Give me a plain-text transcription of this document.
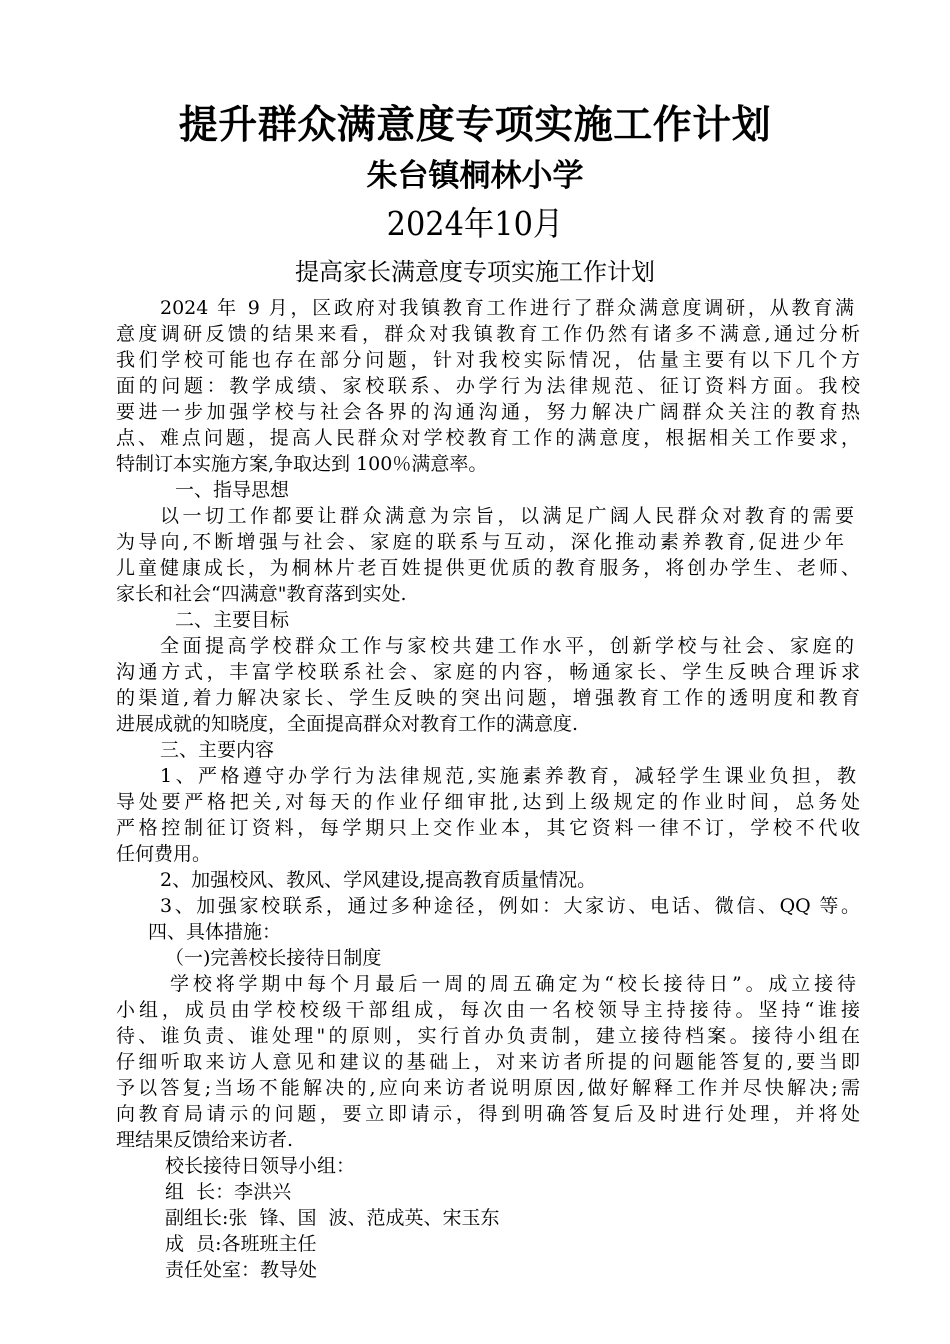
提升群众满意度专项实施工作计划
朱台镇桐林小学
2024年10月
提高家长满意度专项实施工作计划
2024 年 9 月，区政府对我镇教育工作进行了群众满意度调研，从教育满
意度调研反馈的结果来看，群众对我镇教育工作仍然有诸多不满意,通过分析
我们学校可能也存在部分问题，针对我校实际情况，估量主要有以下几个方
面的问题：教学成绩、家校联系、办学行为法律规范、征订资料方面。我校
要进一步加强学校与社会各界的沟通沟通，努力解决广阔群众关注的教育热
点、难点问题，提高人民群众对学校教育工作的满意度，根据相关工作要求，
特制订本实施方案,争取达到 100％满意率。
一、指导思想
以一切工作都要让群众满意为宗旨，以满足广阔人民群众对教育的需要
为导向,不断增强与社会、家庭的联系与互动，深化推动素养教育,促进少年
儿童健康成长，为桐林片老百姓提供更优质的教育服务，将创办学生、老师、
家长和社会“四满意"教育落到实处.
二、主要目标
全面提高学校群众工作与家校共建工作水平，创新学校与社会、家庭的
沟通方式，丰富学校联系社会、家庭的内容，畅通家长、学生反映合理诉求
的渠道,着力解决家长、学生反映的突出问题，增强教育工作的透明度和教育
进展成就的知晓度，全面提高群众对教育工作的满意度.
三、主要内容
1、严格遵守办学行为法律规范,实施素养教育，减轻学生课业负担，教
导处要严格把关,对每天的作业仔细审批,达到上级规定的作业时间，总务处
严格控制征订资料，每学期只上交作业本，其它资料一律不订，学校不代收
任何费用。
2、加强校风、教风、学风建设,提高教育质量情况。
3、加强家校联系，通过多种途径，例如：大家访、电话、微信、QQ 等。
四、具体措施：
（一)完善校长接待日制度
学校将学期中每个月最后一周的周五确定为“校长接待日”。成立接待
小组，成员由学校校级干部组成，每次由一名校领导主持接待。坚持“谁接
待、谁负责、谁处理"的原则，实行首办负责制，建立接待档案。接待小组在
仔细听取来访人意见和建议的基础上，对来访者所提的问题能答复的,要当即
予以答复;当场不能解决的,应向来访者说明原因,做好解释工作并尽快解决;需
向教育局请示的问题，要立即请示，得到明确答复后及时进行处理，并将处
理结果反馈给来访者.
校长接待日领导小组：
组  长：李洪兴
副组长:张  锋、国  波、范成英、宋玉东
成  员:各班班主任
责任处室：教导处
